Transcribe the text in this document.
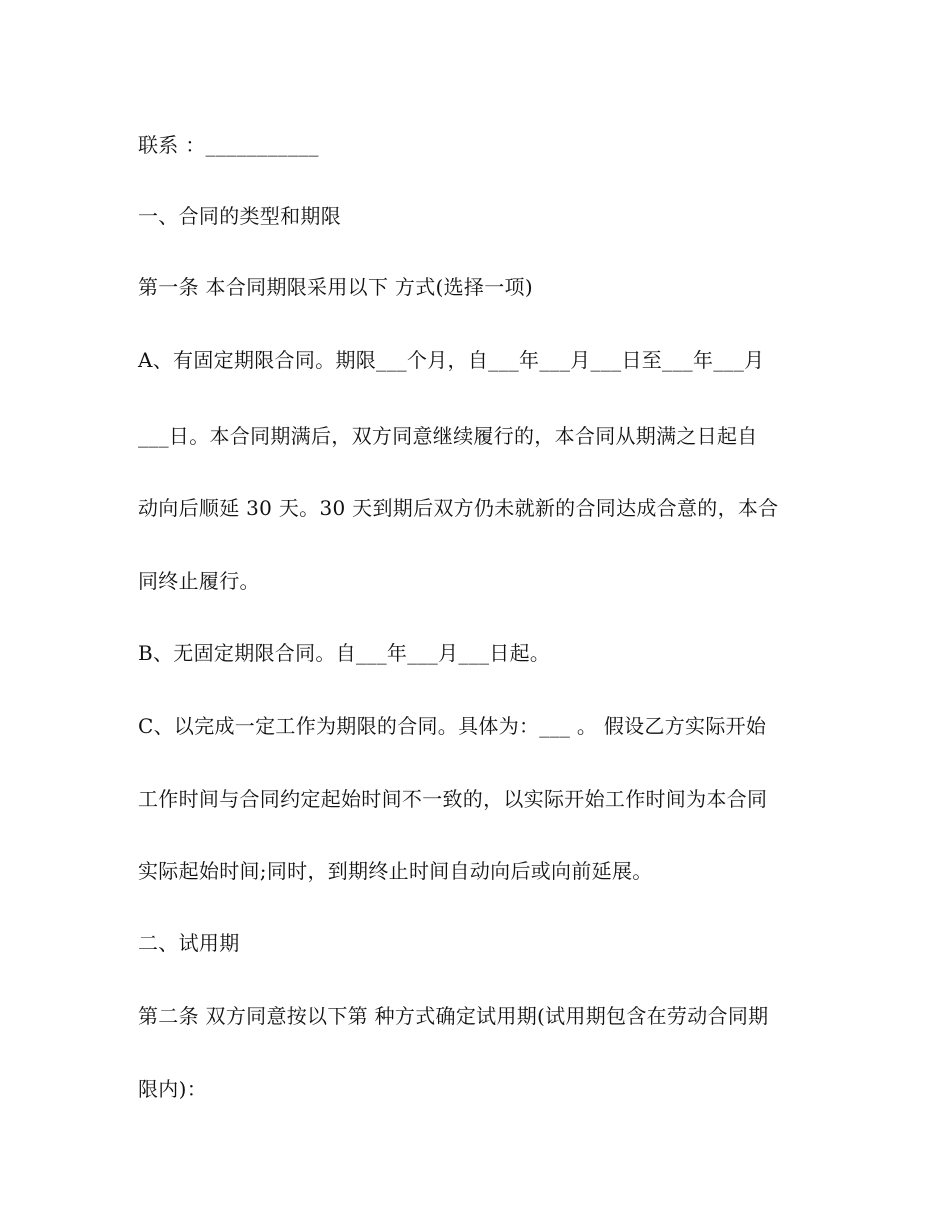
联系 ：___________
一、合同的类型和期限
第一条 本合同期限采用以下 方式(选择一项)
A、有固定期限合同。期限___个月，自___年___月___日至___年___月
___日。本合同期满后，双方同意继续履行的，本合同从期满之日起自
动向后顺延 30 天。30 天到期后双方仍未就新的合同达成合意的，本合
同终止履行。
B、无固定期限合同。自___年___月___日起。
C、以完成一定工作为期限的合同。具体为：___ 。 假设乙方实际开始
工作时间与合同约定起始时间不一致的，以实际开始工作时间为本合同
实际起始时间;同时，到期终止时间自动向后或向前延展。
二、试用期
第二条 双方同意按以下第 种方式确定试用期(试用期包含在劳动合同期
限内)：
